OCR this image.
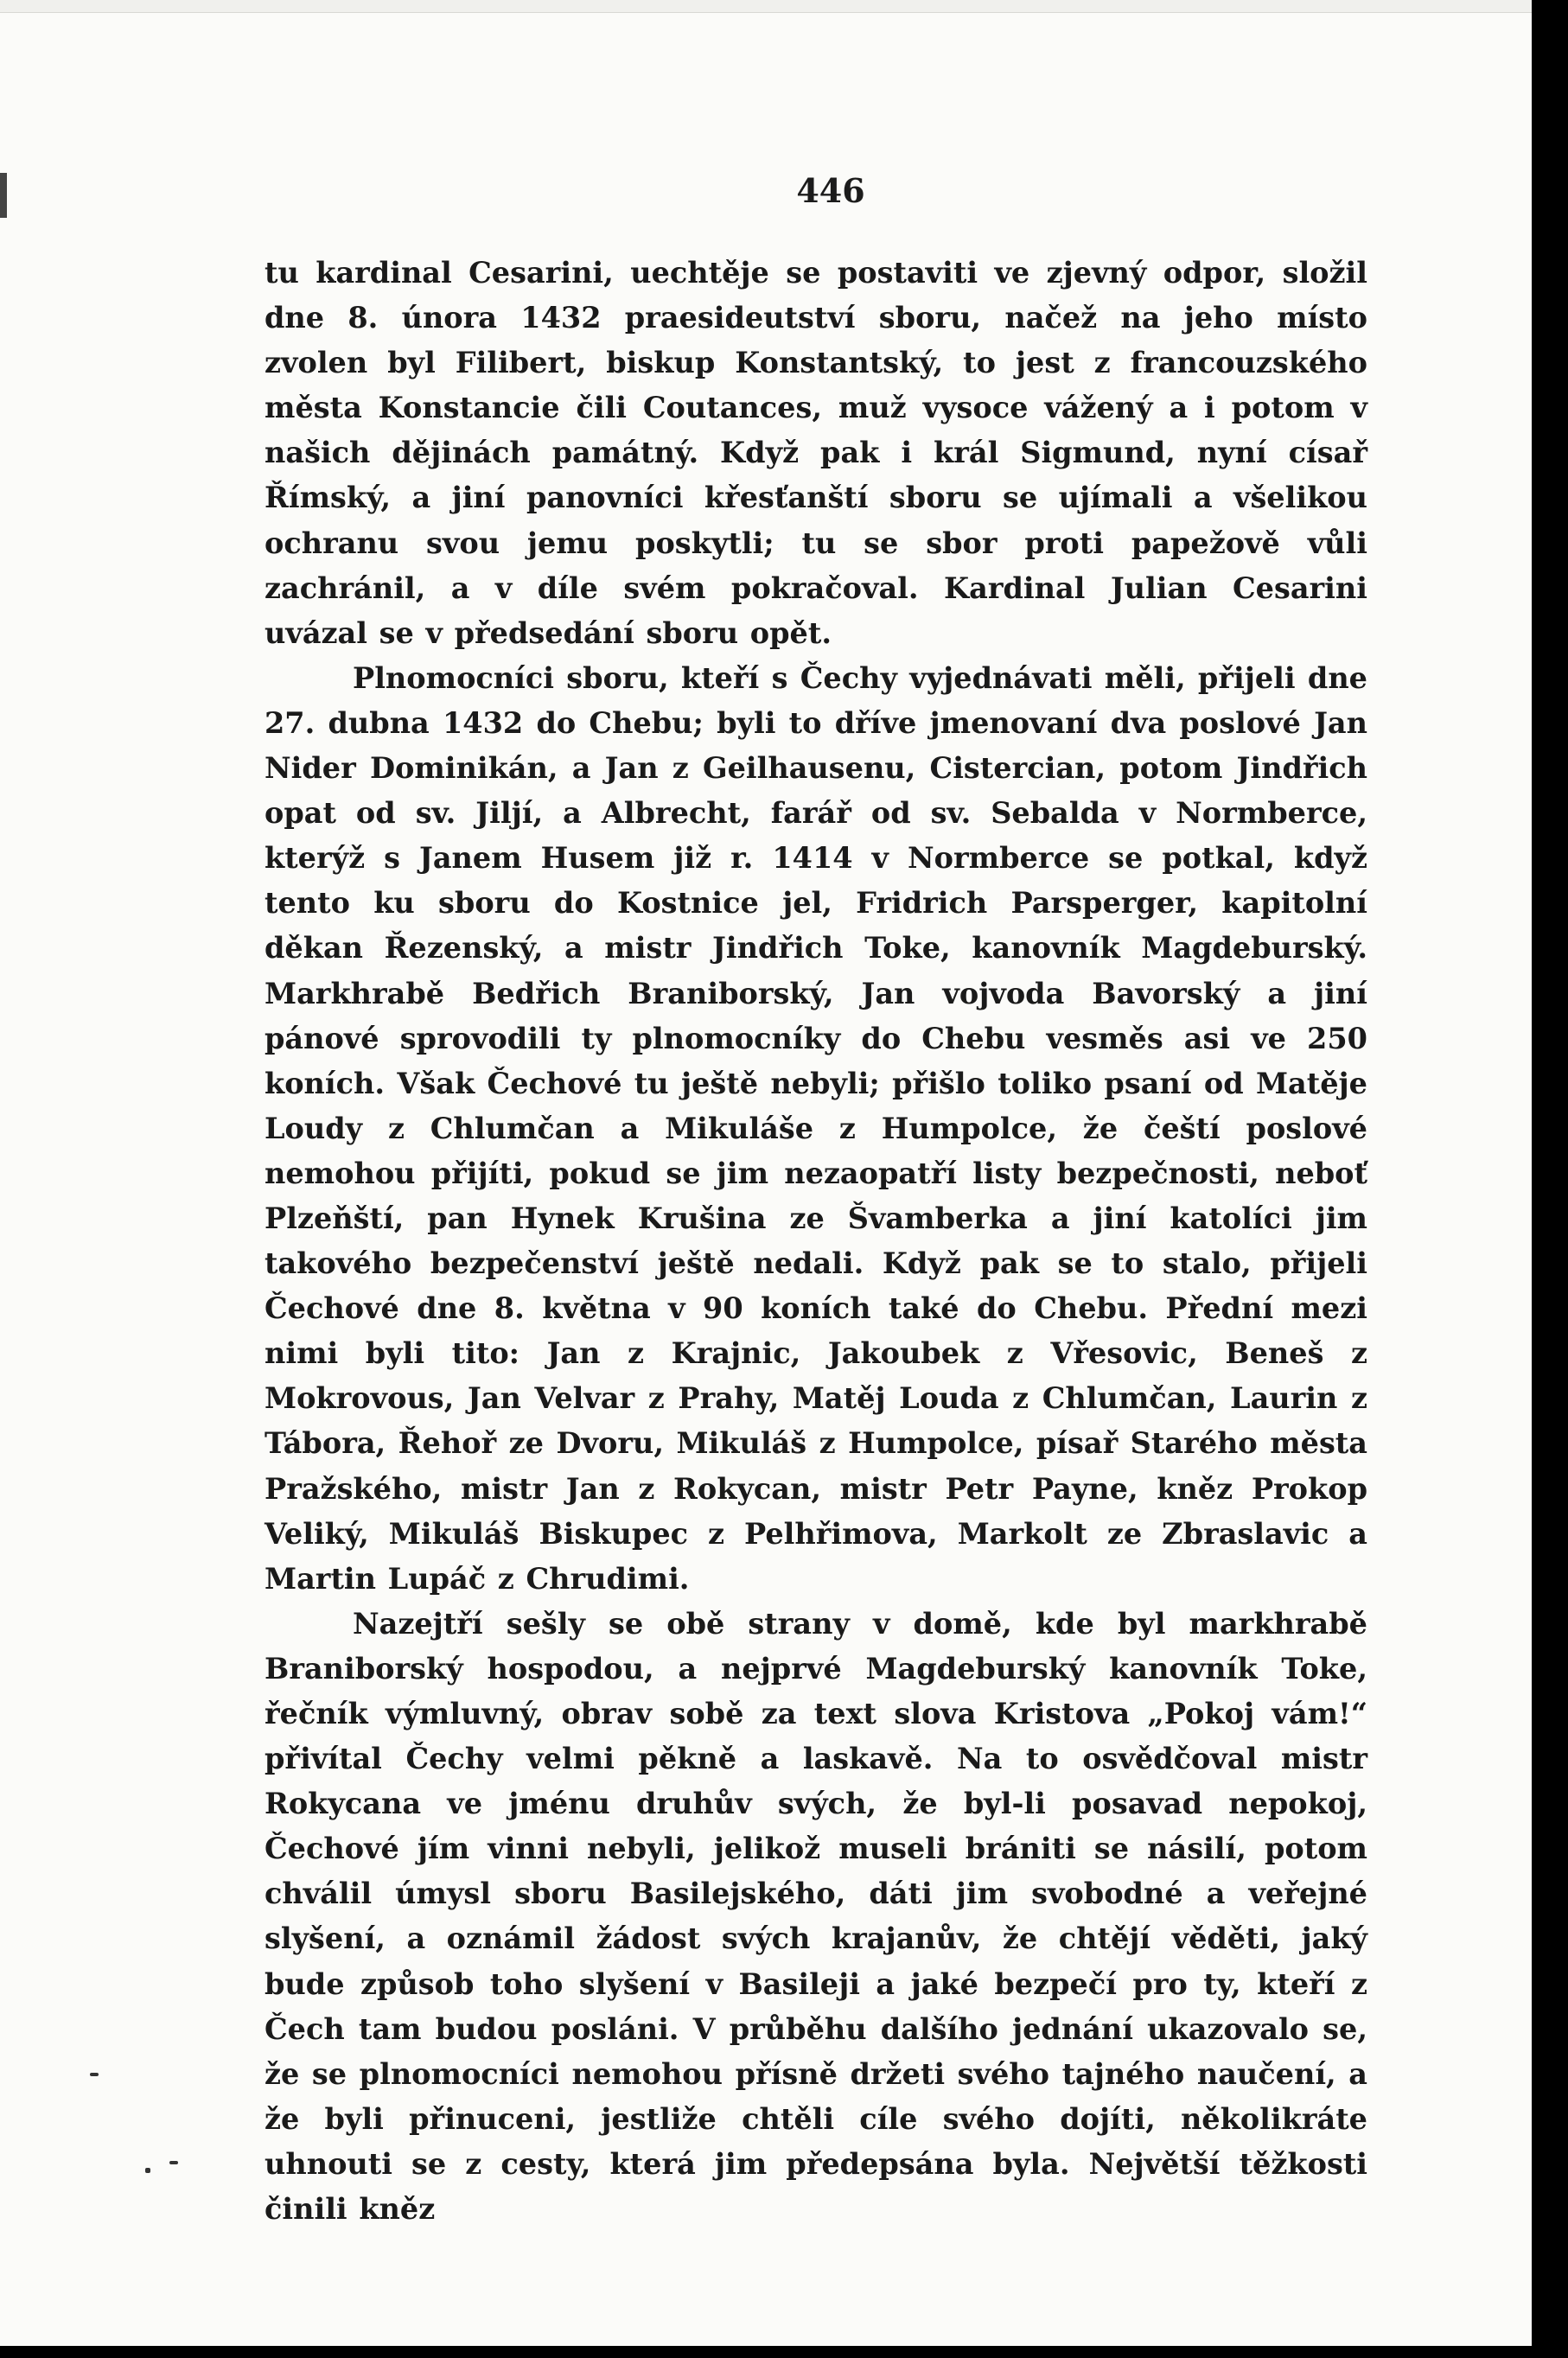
446

tu kardinal Cesarini, uechtěje se postaviti ve zjevný odpor, složil dne 8. února 1432 praesideutství sboru, načež na jeho místo zvolen byl Filibert, biskup Konstantský, to jest z francouzského města Konstancie čili Coutances, muž vysoce vážený a i potom v našich dějinách památný. Když pak i král Sigmund, nyní císař Římský, a jiní panovníci křesťanští sboru se ujímali a všelikou ochranu svou jemu poskytli; tu se sbor proti papežově vůli zachránil, a v díle svém pokračoval. Kardinal Julian Cesarini uvázal se v předsedání sboru opět.

Plnomocníci sboru, kteří s Čechy vyjednávati měli, přijeli dne 27. dubna 1432 do Chebu; byli to dříve jmenovaní dva poslové Jan Nider Dominikán, a Jan z Geilhausenu, Cistercian, potom Jindřich opat od sv. Jiljí, a Albrecht, farář od sv. Sebalda v Normberce, kterýž s Janem Husem již r. 1414 v Normberce se potkal, když tento ku sboru do Kostnice jel, Fridrich Parsperger, kapitolní děkan Řezenský, a mistr Jindřich Toke, kanovník Magdeburský. Markhrabě Bedřich Braniborský, Jan vojvoda Bavorský a jiní pánové sprovodili ty plnomocníky do Chebu vesměs asi ve 250 koních. Však Čechové tu ještě nebyli; přišlo toliko psaní od Matěje Loudy z Chlumčan a Mikuláše z Humpolce, že čeští poslové nemohou přijíti, pokud se jim nezaopatří listy bezpečnosti, neboť Plzeňští, pan Hynek Krušina ze Švamberka a jiní katolíci jim takového bezpečenství ještě nedali. Když pak se to stalo, přijeli Čechové dne 8. května v 90 koních také do Chebu. Přední mezi nimi byli tito: Jan z Krajnic, Jakoubek z Vřesovic, Beneš z Mokrovous, Jan Velvar z Prahy, Matěj Louda z Chlumčan, Laurin z Tábora, Řehoř ze Dvoru, Mikuláš z Humpolce, písař Starého města Pražského, mistr Jan z Rokycan, mistr Petr Payne, kněz Prokop Veliký, Mikuláš Biskupec z Pelhřimova, Markolt ze Zbraslavic a Martin Lupáč z Chrudimi.

Nazejtří sešly se obě strany v domě, kde byl markhrabě Braniborský hospodou, a nejprvé Magdeburský kanovník Toke, řečník výmluvný, obrav sobě za text slova Kristova „Pokoj vám!“ přivítal Čechy velmi pěkně a laskavě. Na to osvědčoval mistr Rokycana ve jménu druhův svých, že byl-li posavad nepokoj, Čechové jím vinni nebyli, jelikož museli brániti se násilí, potom chválil úmysl sboru Basilejského, dáti jim svobodné a veřejné slyšení, a oznámil žádost svých krajanův, že chtějí věděti, jaký bude způsob toho slyšení v Basileji a jaké bezpečí pro ty, kteří z Čech tam budou posláni. V průběhu dalšího jednání ukazovalo se, že se plnomocníci nemohou přísně držeti svého tajného naučení, a že byli přinuceni, jestliže chtěli cíle svého dojíti, několikráte uhnouti se z cesty, která jim předepsána byla. Největší těžkosti činili kněz
